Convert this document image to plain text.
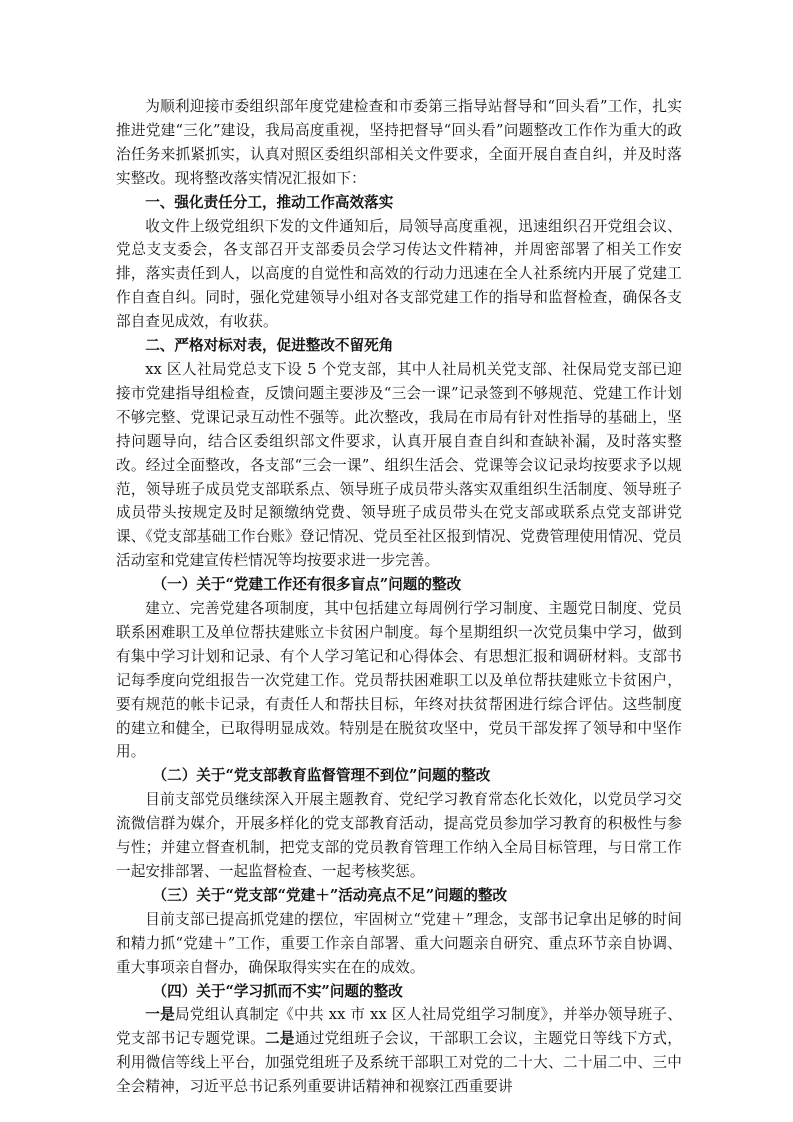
为顺利迎接市委组织部年度党建检查和市委第三指导站督导和“回头看”工作，扎实推进党建“三化”建设，我局高度重视，坚持把督导“回头看”问题整改工作作为重大的政治任务来抓紧抓实，认真对照区委组织部相关文件要求，全面开展自查自纠，并及时落实整改。现将整改落实情况汇报如下：

一、强化责任分工，推动工作高效落实

收文件上级党组织下发的文件通知后，局领导高度重视，迅速组织召开党组会议、党总支支委会，各支部召开支部委员会学习传达文件精神，并周密部署了相关工作安排，落实责任到人，以高度的自觉性和高效的行动力迅速在全人社系统内开展了党建工作自查自纠。同时，强化党建领导小组对各支部党建工作的指导和监督检查，确保各支部自查见成效，有收获。

二、严格对标对表，促进整改不留死角

xx 区人社局党总支下设 5 个党支部，其中人社局机关党支部、社保局党支部已迎接市党建指导组检查，反馈问题主要涉及“三会一课”记录签到不够规范、党建工作计划不够完整、党课记录互动性不强等。此次整改，我局在市局有针对性指导的基础上，坚持问题导向，结合区委组织部文件要求，认真开展自查自纠和查缺补漏，及时落实整改。经过全面整改，各支部“三会一课”、组织生活会、党课等会议记录均按要求予以规范，领导班子成员党支部联系点、领导班子成员带头落实双重组织生活制度、领导班子成员带头按规定及时足额缴纳党费、领导班子成员带头在党支部或联系点党支部讲党课、《党支部基础工作台账》登记情况、党员至社区报到情况、党费管理使用情况、党员活动室和党建宣传栏情况等均按要求进一步完善。

（一）关于“党建工作还有很多盲点”问题的整改

建立、完善党建各项制度，其中包括建立每周例行学习制度、主题党日制度、党员联系困难职工及单位帮扶建账立卡贫困户制度。每个星期组织一次党员集中学习，做到有集中学习计划和记录、有个人学习笔记和心得体会、有思想汇报和调研材料。支部书记每季度向党组报告一次党建工作。党员帮扶困难职工以及单位帮扶建账立卡贫困户，要有规范的帐卡记录，有责任人和帮扶目标，年终对扶贫帮困进行综合评估。这些制度的建立和健全，已取得明显成效。特别是在脱贫攻坚中，党员干部发挥了领导和中坚作用。

（二）关于“党支部教育监督管理不到位”问题的整改

目前支部党员继续深入开展主题教育、党纪学习教育常态化长效化，以党员学习交流微信群为媒介，开展多样化的党支部教育活动，提高党员参加学习教育的积极性与参与性；并建立督查机制，把党支部的党员教育管理工作纳入全局目标管理，与日常工作一起安排部署、一起监督检查、一起考核奖惩。

（三）关于“党支部“党建＋”活动亮点不足”问题的整改

目前支部已提高抓党建的摆位，牢固树立“党建＋”理念，支部书记拿出足够的时间和精力抓“党建＋”工作，重要工作亲自部署、重大问题亲自研究、重点环节亲自协调、重大事项亲自督办，确保取得实实在在的成效。

（四）关于“学习抓而不实”问题的整改

一是局党组认真制定《中共 xx 市 xx 区人社局党组学习制度》，并举办领导班子、党支部书记专题党课。二是通过党组班子会议，干部职工会议，主题党日等线下方式，利用微信等线上平台，加强党组班子及系统干部职工对党的二十大、二十届二中、三中全会精神，习近平总书记系列重要讲话精神和视察江西重要讲
